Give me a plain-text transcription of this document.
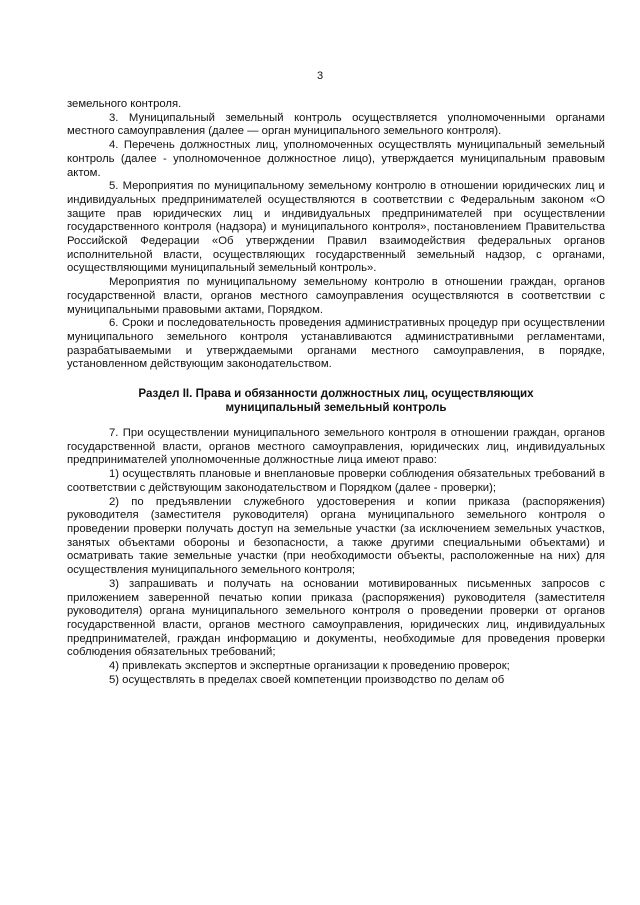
3

земельного контроля.

3. Муниципальный земельный контроль осуществляется уполномоченными органами местного самоуправления (далее — орган муниципального земельного контроля).

4. Перечень должностных лиц, уполномоченных осуществлять муниципальный земельный контроль (далее - уполномоченное должностное лицо), утверждается муниципальным правовым актом.

5. Мероприятия по муниципальному земельному контролю в отношении юридических лиц и индивидуальных предпринимателей осуществляются в соответствии с Федеральным законом «О защите прав юридических лиц и индивидуальных предпринимателей при осуществлении государственного контроля (надзора) и муниципального контроля», постановлением Правительства Российской Федерации «Об утверждении Правил взаимодействия федеральных органов исполнительной власти, осуществляющих государственный земельный надзор, с органами, осуществляющими муниципальный земельный контроль».

Мероприятия по муниципальному земельному контролю в отношении граждан, органов государственной власти, органов местного самоуправления осуществляются в соответствии с муниципальными правовыми актами, Порядком.

6. Сроки и последовательность проведения административных процедур при осуществлении муниципального земельного контроля устанавливаются административными регламентами, разрабатываемыми и утверждаемыми органами местного самоуправления, в порядке, установленном действующим законодательством.

Раздел II. Права и обязанности должностных лиц, осуществляющих
муниципальный земельный контроль

7. При осуществлении муниципального земельного контроля в отношении граждан, органов государственной власти, органов местного самоуправления, юридических лиц, индивидуальных предпринимателей уполномоченные должностные лица имеют право:

1) осуществлять плановые и внеплановые проверки соблюдения обязательных требований в соответствии с действующим законодательством и Порядком (далее - проверки);

2) по предъявлении служебного удостоверения и копии приказа (распоряжения) руководителя (заместителя руководителя) органа муниципального земельного контроля о проведении проверки получать доступ на земельные участки (за исключением земельных участков, занятых объектами обороны и безопасности, а также другими специальными объектами) и осматривать такие земельные участки (при необходимости объекты, расположенные на них) для осуществления муниципального земельного контроля;

3) запрашивать и получать на основании мотивированных письменных запросов с приложением заверенной печатью копии приказа (распоряжения) руководителя (заместителя руководителя) органа муниципального земельного контроля о проведении проверки от органов государственной власти, органов местного самоуправления, юридических лиц, индивидуальных предпринимателей, граждан информацию и документы, необходимые для проведения проверки соблюдения обязательных требований;

4) привлекать экспертов и экспертные организации к проведению проверок;

5) осуществлять в пределах своей компетенции производство по делам об
